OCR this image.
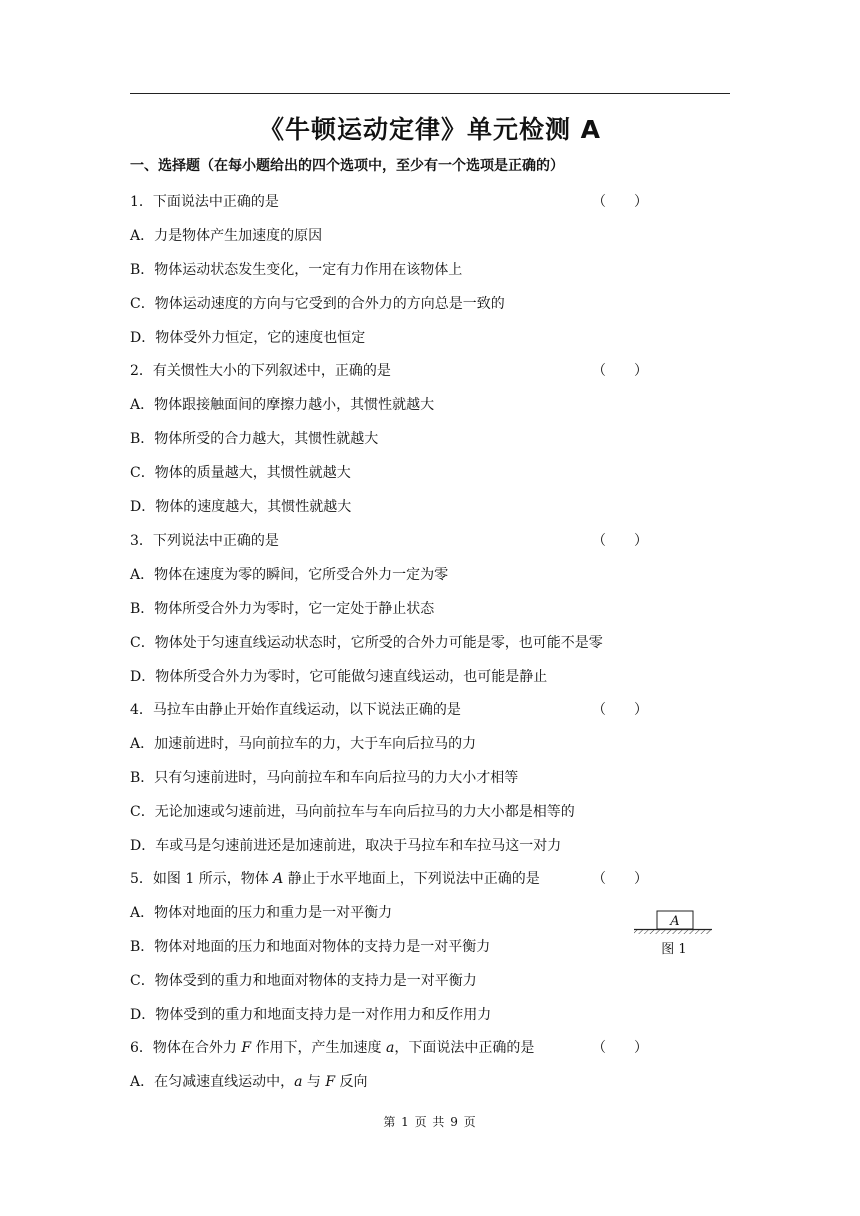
《牛顿运动定律》单元检测 A
一、选择题（在每小题给出的四个选项中，至少有一个选项是正确的）
1．下面说法中正确的是	（　　）
A．力是物体产生加速度的原因
B．物体运动状态发生变化，一定有力作用在该物体上
C．物体运动速度的方向与它受到的合外力的方向总是一致的
D．物体受外力恒定，它的速度也恒定
2．有关惯性大小的下列叙述中，正确的是	（　　）
A．物体跟接触面间的摩擦力越小，其惯性就越大
B．物体所受的合力越大，其惯性就越大
C．物体的质量越大，其惯性就越大
D．物体的速度越大，其惯性就越大
3．下列说法中正确的是	（　　）
A．物体在速度为零的瞬间，它所受合外力一定为零
B．物体所受合外力为零时，它一定处于静止状态
C．物体处于匀速直线运动状态时，它所受的合外力可能是零，也可能不是零
D．物体所受合外力为零时，它可能做匀速直线运动，也可能是静止
4．马拉车由静止开始作直线运动，以下说法正确的是	（　　）
A．加速前进时，马向前拉车的力，大于车向后拉马的力
B．只有匀速前进时，马向前拉车和车向后拉马的力大小才相等
C．无论加速或匀速前进，马向前拉车与车向后拉马的力大小都是相等的
D．车或马是匀速前进还是加速前进，取决于马拉车和车拉马这一对力
5．如图 1 所示，物体 A 静止于水平地面上，下列说法中正确的是	（　　）
A．物体对地面的压力和重力是一对平衡力
B．物体对地面的压力和地面对物体的支持力是一对平衡力
C．物体受到的重力和地面对物体的支持力是一对平衡力
D．物体受到的重力和地面支持力是一对作用力和反作用力
A
图 1
6．物体在合外力 F 作用下，产生加速度 a，下面说法中正确的是	（　　）
A．在匀减速直线运动中，a 与 F 反向
第 1 页 共 9 页
